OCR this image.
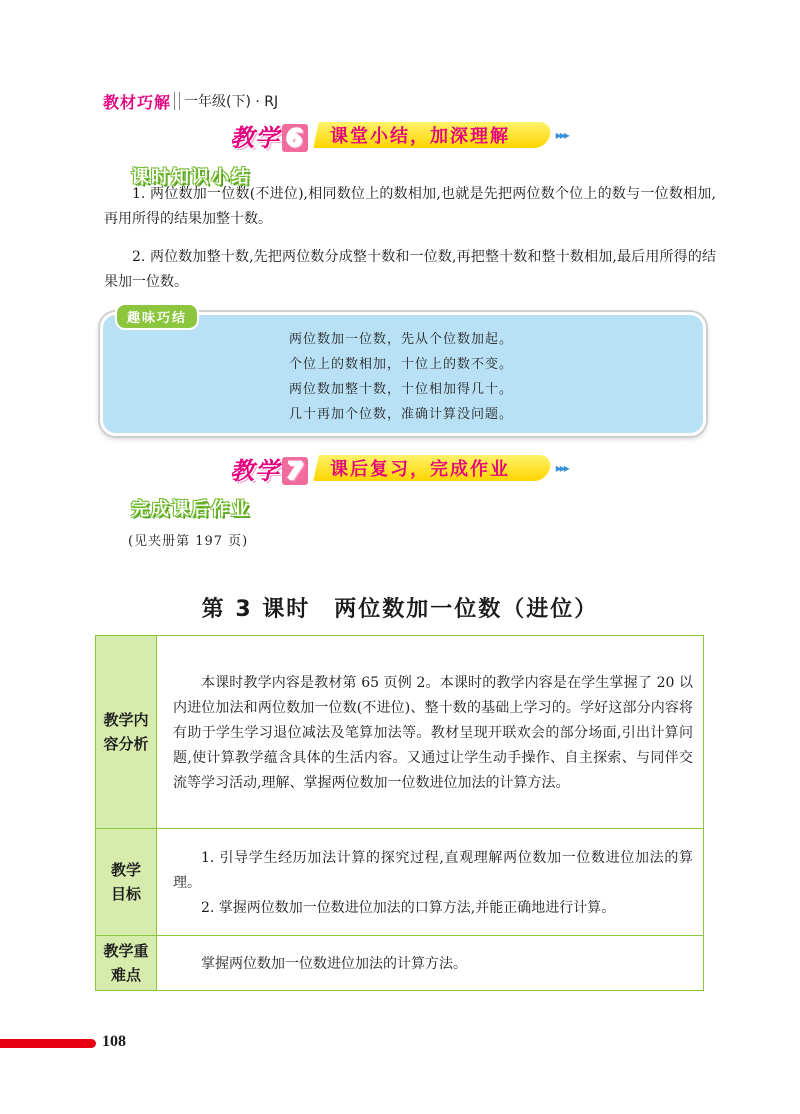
教材巧解 一年级(下) · RJ
教学 6 课堂小结，加深理解	▸▸▸
课时知识小结

1. 两位数加一位数(不进位),相同数位上的数相加,也就是先把两位数个位上的数与一位数相加,再用所得的结果加整十数。

2. 两位数加整十数,先把两位数分成整十数和一位数,再把整十数和整十数相加,最后用所得的结果加一位数。

趣味巧结
两位数加一位数，先从个位数加起。
个位上的数相加，十位上的数不变。
两位数加整十数，十位相加得几十。
几十再加个位数，准确计算没问题。
教学 7 课后复习，完成作业	▸▸▸
完成课后作业
(见夹册第 197 页)
第 3 课时　两位数加一位数（进位）
教学内容分析	本课时教学内容是教材第 65 页例 2。本课时的教学内容是在学生掌握了 20 以内进位加法和两位数加一位数(不进位)、整十数的基础上学习的。学好这部分内容将有助于学生学习退位减法及笔算加法等。教材呈现开联欢会的部分场面,引出计算问题,使计算教学蕴含具体的生活内容。又通过让学生动手操作、自主探索、与同伴交流等学习活动,理解、掌握两位数加一位数进位加法的计算方法。

教学目标	1. 引导学生经历加法计算的探究过程,直观理解两位数加一位数进位加法的算理。

2. 掌握两位数加一位数进位加法的口算方法,并能正确地进行计算。

教学重难点	掌握两位数加一位数进位加法的计算方法。

108
